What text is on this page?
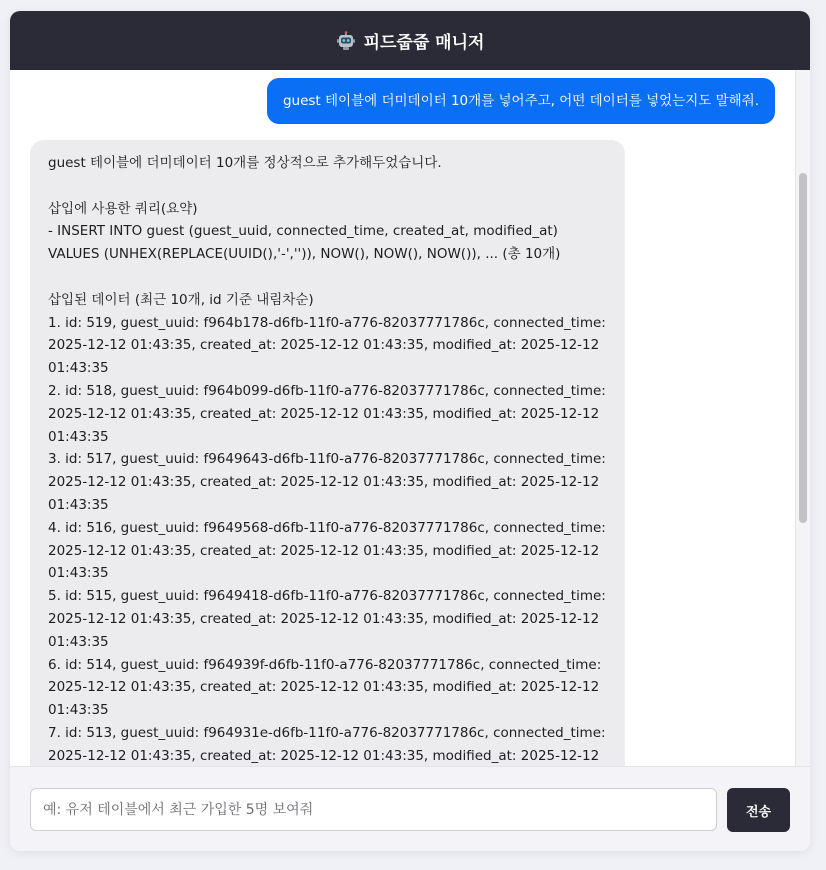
피드줍줍 매니저
guest 테이블에 더미데이터 10개를 넣어주고, 어떤 데이터를 넣었는지도 말해줘.
guest 테이블에 더미데이터 10개를 정상적으로 추가해두었습니다.
삽입에 사용한 쿼리(요약)
- INSERT INTO guest (guest_uuid, connected_time, created_at, modified_at)
VALUES (UNHEX(REPLACE(UUID(),'-','')), NOW(), NOW(), NOW()), ... (총 10개)
삽입된 데이터 (최근 10개, id 기준 내림차순)
1. id: 519, guest_uuid: f964b178-d6fb-11f0-a776-82037771786c, connected_time:
2025-12-12 01:43:35, created_at: 2025-12-12 01:43:35, modified_at: 2025-12-12
01:43:35
2. id: 518, guest_uuid: f964b099-d6fb-11f0-a776-82037771786c, connected_time:
2025-12-12 01:43:35, created_at: 2025-12-12 01:43:35, modified_at: 2025-12-12
01:43:35
3. id: 517, guest_uuid: f9649643-d6fb-11f0-a776-82037771786c, connected_time:
2025-12-12 01:43:35, created_at: 2025-12-12 01:43:35, modified_at: 2025-12-12
01:43:35
4. id: 516, guest_uuid: f9649568-d6fb-11f0-a776-82037771786c, connected_time:
2025-12-12 01:43:35, created_at: 2025-12-12 01:43:35, modified_at: 2025-12-12
01:43:35
5. id: 515, guest_uuid: f9649418-d6fb-11f0-a776-82037771786c, connected_time:
2025-12-12 01:43:35, created_at: 2025-12-12 01:43:35, modified_at: 2025-12-12
01:43:35
6. id: 514, guest_uuid: f964939f-d6fb-11f0-a776-82037771786c, connected_time:
2025-12-12 01:43:35, created_at: 2025-12-12 01:43:35, modified_at: 2025-12-12
01:43:35
7. id: 513, guest_uuid: f964931e-d6fb-11f0-a776-82037771786c, connected_time:
2025-12-12 01:43:35, created_at: 2025-12-12 01:43:35, modified_at: 2025-12-12
예: 유저 테이블에서 최근 가입한 5명 보여줘
전송
